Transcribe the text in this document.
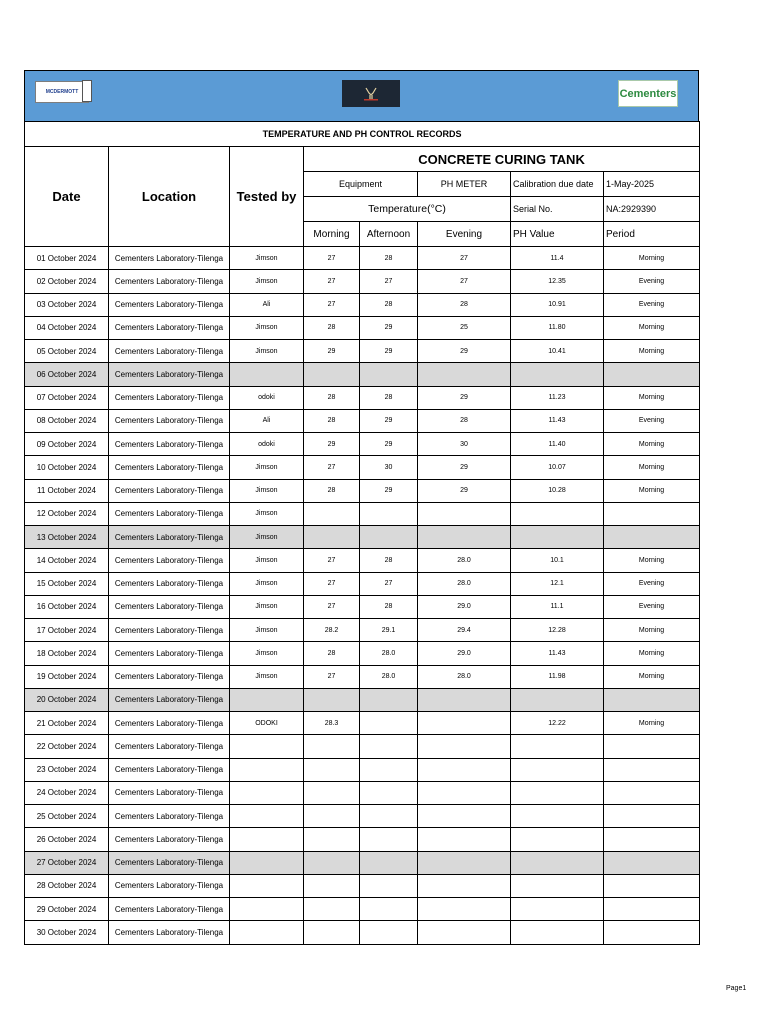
MCDERMOTT	Cementers
TEMPERATURE AND PH CONTROL RECORDS							
Date	Location	Tested by	CONCRETE CURING TANK				
			Equipment		PH METER	Calibration due date	1-May-2025
			Temperature(°C)			Serial No.	NA:2929390
			Morning	Afternoon	Evening	PH Value	Period
01 October 2024	Cementers Laboratory-Tilenga	Jimson	27	28	27	11.4	Morning
02 October 2024	Cementers Laboratory-Tilenga	Jimson	27	27	27	12.35	Evening
03 October 2024	Cementers Laboratory-Tilenga	Ali	27	28	28	10.91	Evening
04 October 2024	Cementers Laboratory-Tilenga	Jimson	28	29	25	11.80	Morning
05 October 2024	Cementers Laboratory-Tilenga	Jimson	29	29	29	10.41	Morning
06 October 2024	Cementers Laboratory-Tilenga						
07 October 2024	Cementers Laboratory-Tilenga	odoki	28	28	29	11.23	Morning
08 October 2024	Cementers Laboratory-Tilenga	Ali	28	29	28	11.43	Evening
09 October 2024	Cementers Laboratory-Tilenga	odoki	29	29	30	11.40	Morning
10 October 2024	Cementers Laboratory-Tilenga	Jimson	27	30	29	10.07	Morning
11 October 2024	Cementers Laboratory-Tilenga	Jimson	28	29	29	10.28	Morning
12 October 2024	Cementers Laboratory-Tilenga	Jimson					
13 October 2024	Cementers Laboratory-Tilenga	Jimson					
14 October 2024	Cementers Laboratory-Tilenga	Jimson	27	28	28.0	10.1	Morning
15 October 2024	Cementers Laboratory-Tilenga	Jimson	27	27	28.0	12.1	Evening
16 October 2024	Cementers Laboratory-Tilenga	Jimson	27	28	29.0	11.1	Evening
17 October 2024	Cementers Laboratory-Tilenga	Jimson	28.2	29.1	29.4	12.28	Morning
18 October 2024	Cementers Laboratory-Tilenga	Jimson	28	28.0	29.0	11.43	Morning
19 October 2024	Cementers Laboratory-Tilenga	Jimson	27	28.0	28.0	11.98	Morning
20 October 2024	Cementers Laboratory-Tilenga						
21 October 2024	Cementers Laboratory-Tilenga	ODOKI	28.3			12.22	Morning
22 October 2024	Cementers Laboratory-Tilenga						
23 October 2024	Cementers Laboratory-Tilenga						
24 October 2024	Cementers Laboratory-Tilenga						
25 October 2024	Cementers Laboratory-Tilenga						
26 October 2024	Cementers Laboratory-Tilenga						
27 October 2024	Cementers Laboratory-Tilenga						
28 October 2024	Cementers Laboratory-Tilenga						
29 October 2024	Cementers Laboratory-Tilenga						
30 October 2024	Cementers Laboratory-Tilenga						
Page1
